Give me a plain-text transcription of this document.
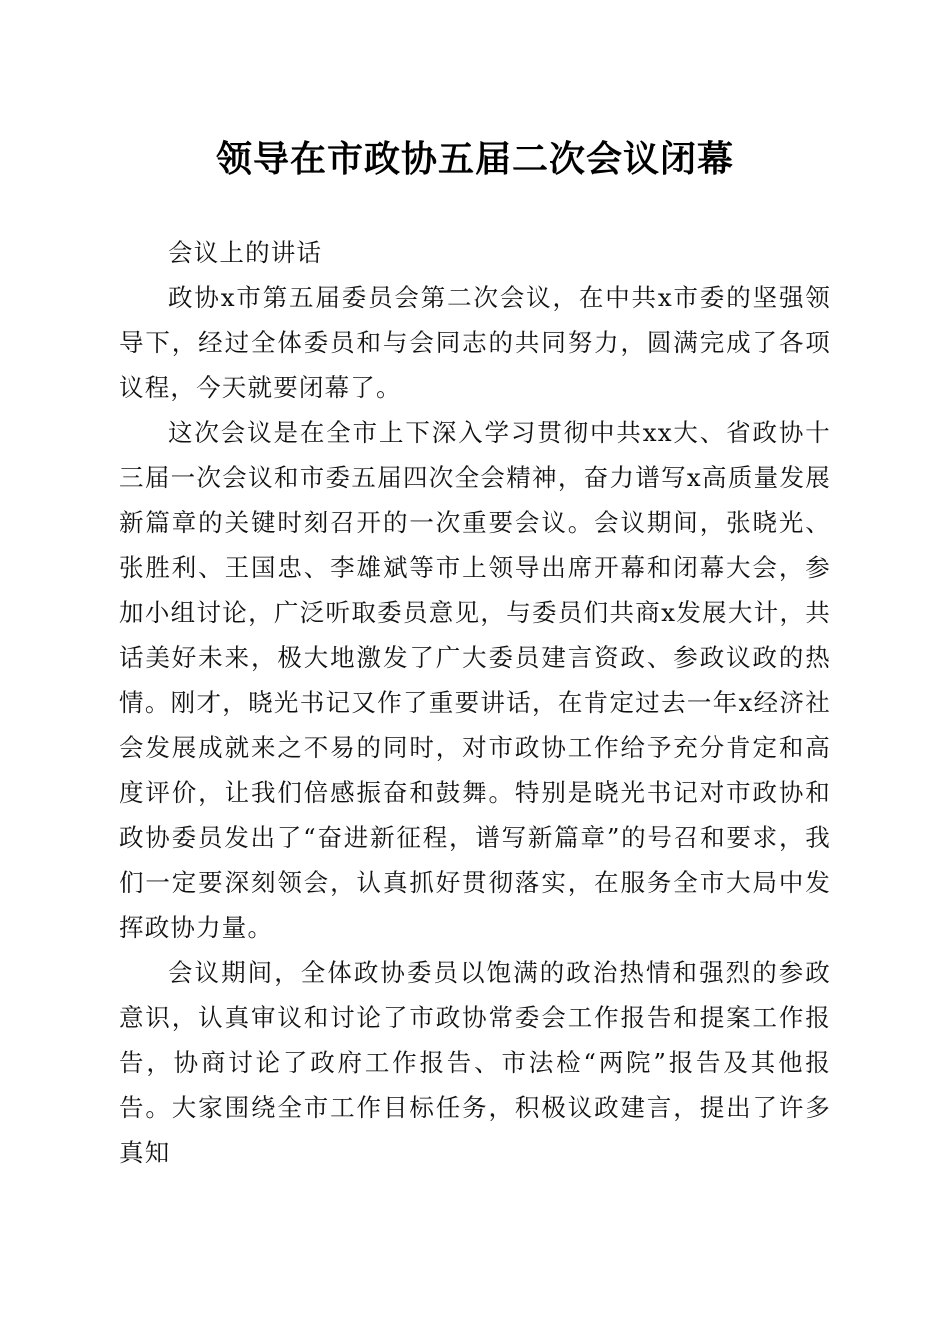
领导在市政协五届二次会议闭幕

会议上的讲话

政协x市第五届委员会第二次会议，在中共x市委的坚强领导下，经过全体委员和与会同志的共同努力，圆满完成了各项议程，今天就要闭幕了。

这次会议是在全市上下深入学习贯彻中共xx大、省政协十三届一次会议和市委五届四次全会精神，奋力谱写x高质量发展新篇章的关键时刻召开的一次重要会议。会议期间，张晓光、张胜利、王国忠、李雄斌等市上领导出席开幕和闭幕大会，参加小组讨论，广泛听取委员意见，与委员们共商x发展大计，共话美好未来，极大地激发了广大委员建言资政、参政议政的热情。刚才，晓光书记又作了重要讲话，在肯定过去一年x经济社会发展成就来之不易的同时，对市政协工作给予充分肯定和高度评价，让我们倍感振奋和鼓舞。特别是晓光书记对市政协和政协委员发出了“奋进新征程，谱写新篇章”的号召和要求，我们一定要深刻领会，认真抓好贯彻落实，在服务全市大局中发挥政协力量。

会议期间，全体政协委员以饱满的政治热情和强烈的参政意识，认真审议和讨论了市政协常委会工作报告和提案工作报告，协商讨论了政府工作报告、市法检“两院”报告及其他报告。大家围绕全市工作目标任务，积极议政建言，提出了许多真知
